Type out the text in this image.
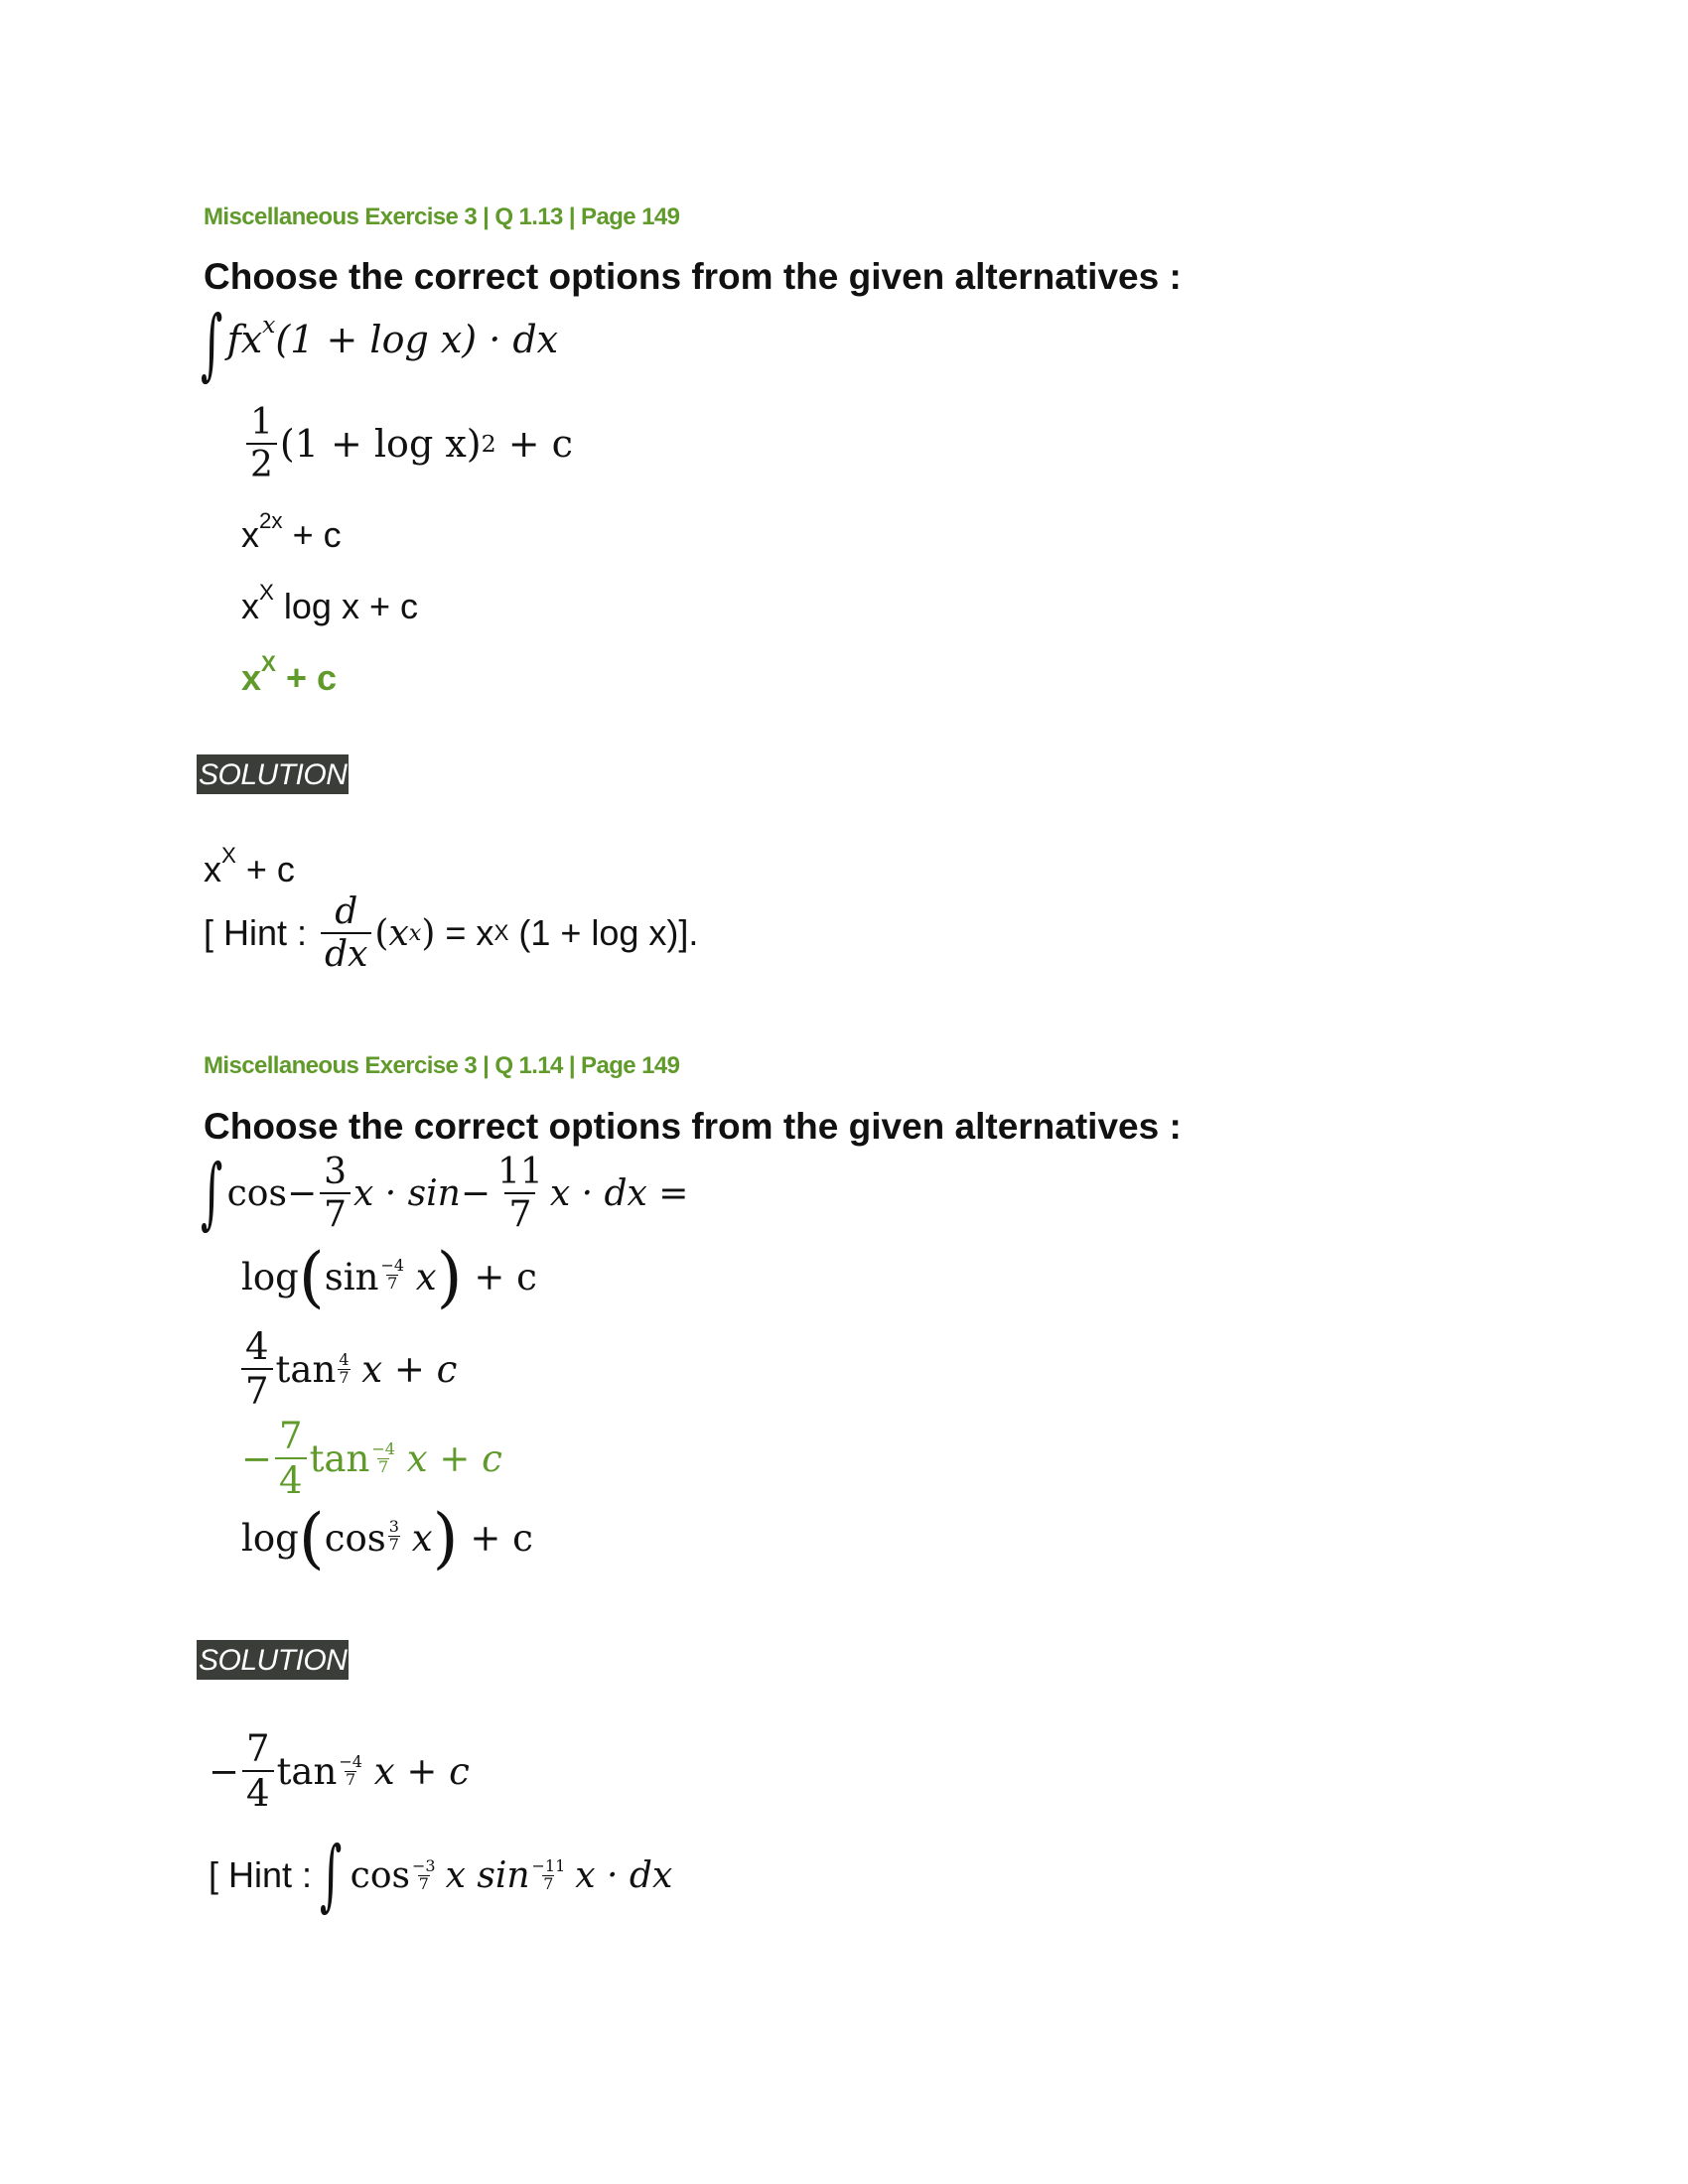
Miscellaneous Exercise 3 | Q 1.13 | Page 149
Choose the correct options from the given alternatives :
∫ $fx^x(1 + \log x)$ · dx
$\frac{1}{2} (1 + \log x)$ 2
+ c
$x^{2x} + c$
$x^X$ log x + c
$x^X + c$
SOLUTION
$x^X + c$
[ Hint : $\frac{d}{dx}$ ( x x )
= x X
(1 + log x)].
Miscellaneous Exercise 3 | Q 1.14 | Page 149
Choose the correct options from the given alternatives :
∫ $\cos - \frac{3}{7}$ $x \cdot \sin - \frac{11}{7}$ x · dx =
$\log(\sin \frac{-4}{7} x) + c$
$\frac{4}{7}$ tan 4
7
x + c
− $\frac{7}{4}$ tan −4
7
x + c
$\log(\cos \frac{3}{7} x) + c$
SOLUTION
− $\frac{7}{4}$ tan −4
7
x + c
[ Hint : ∫ cos −3
7
x sin −11
7
x · dx
